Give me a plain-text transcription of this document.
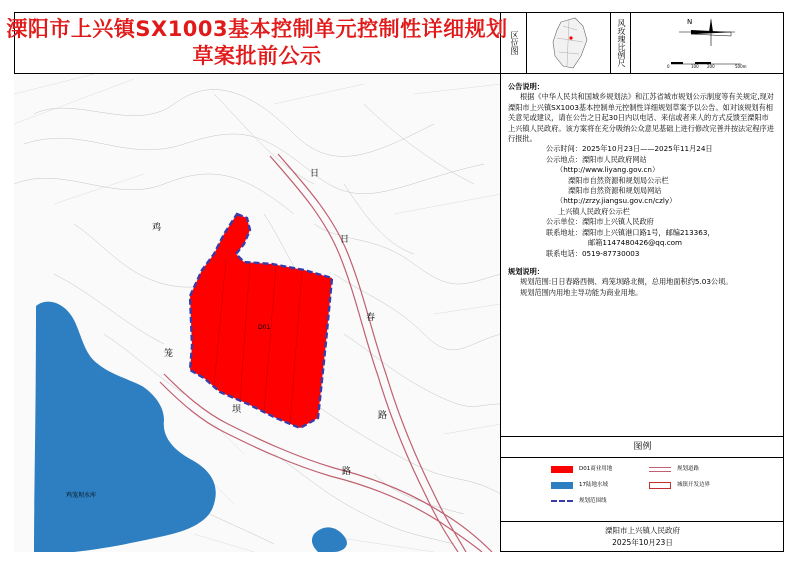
溧阳市上兴镇SX1003基本控制单元控制性详细规划
草案批前公示
区位图	风玫瑰比例尺	N
0	100 200	500m
日
日
春
路
鸡
笼
坝
路
D01
鸡笼坝水库
公告说明：
根据《中华人民共和国城乡规划法》和江苏省城市规划公示制度等有关规定,现对溧阳市上兴镇SX1003基本控制单元控制性详细规划草案予以公告。如对该规划有相关意见或建议，请在公告之日起30日内以电话、来信或者来人的方式反馈至溧阳市上兴镇人民政府。该方案将在充分吸纳公众意见基础上进行修改完善并按法定程序进行报批。
公示时间：2025年10月23日——2025年11月24日
公示地点：溧阳市人民政府网站
（http://www.liyang.gov.cn）
溧阳市自然资源和规划局公示栏
溧阳市自然资源和规划局网站
（http://zrzy.jiangsu.gov.cn/czly）
上兴镇人民政府公示栏
公示单位：溧阳市上兴镇人民政府
联系地址：溧阳市上兴镇港口路1号，邮编213363，
邮箱1147480426@qq.com
联系电话：0519-87730003
规划说明：
规划范围:日日春路西侧、鸡笼坝路北侧，总用地面积约5.03公顷。
规划范围内用地主导功能为商业用地。
图例
D01商业用地	规划道路
17陆地水域	城镇开发边界
规划范围线
溧阳市上兴镇人民政府
2025年10月23日
